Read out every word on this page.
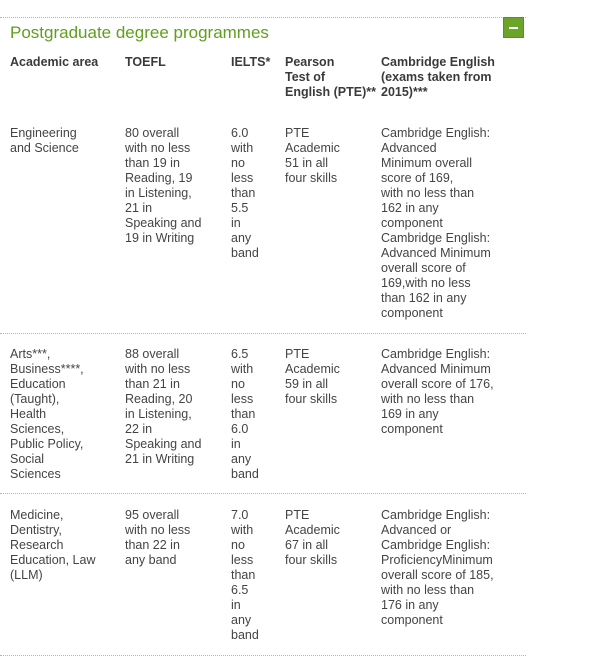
Postgraduate degree programmes
Academic area	TOEFL	IELTS* Pearson
Test of
English (PTE)**
Cambridge English
(exams taken from
2015)***
Engineering
and Science
80 overall
with no less
than 19 in
Reading, 19
in Listening,
21 in
Speaking and
19 in Writing
6.0
with
no
less
than
5.5
in
any
band
PTE
Academic
51 in all
four skills
Cambridge English:
Advanced
Minimum overall
score of 169,
with no less than
162 in any
component
Cambridge English:
Advanced Minimum
overall score of
169,with no less
than 162 in any
component
Arts***,
Business****,
Education
(Taught),
Health
Sciences,
Public Policy,
Social
Sciences
88 overall
with no less
than 21 in
Reading, 20
in Listening,
22 in
Speaking and
21 in Writing
6.5
with
no
less
than
6.0
in
any
band
PTE
Academic
59 in all
four skills
Cambridge English:
Advanced Minimum
overall score of 176,
with no less than
169 in any
component
Medicine,
Dentistry,
Research
Education, Law
(LLM)
95 overall
with no less
than 22 in
any band
7.0
with
no
less
than
6.5
in
any
band
PTE
Academic
67 in all
four skills
Cambridge English:
Advanced or
Cambridge English:
ProficiencyMinimum
overall score of 185,
with no less than
176 in any
component
